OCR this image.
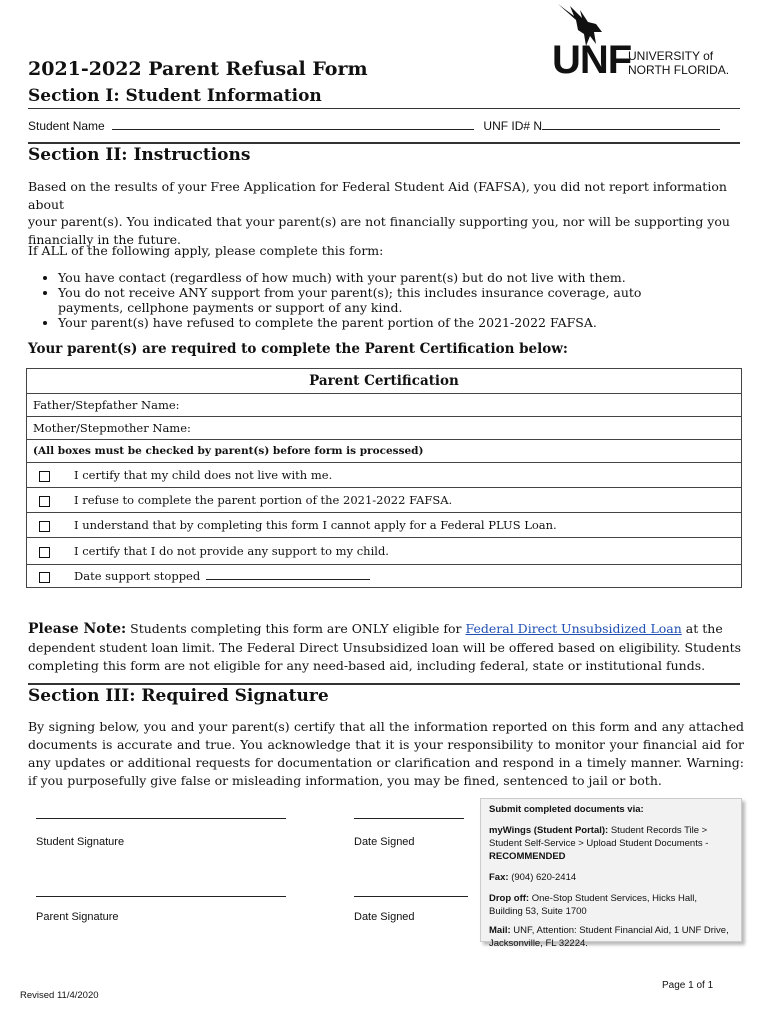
UNF
UNIVERSITY of
NORTH FLORIDA.
2021-2022 Parent Refusal Form
Section I: Student Information
Student Name	UNF ID# N
Section II: Instructions
Based on the results of your Free Application for Federal Student Aid (FAFSA), you did not report information about
your parent(s). You indicated that your parent(s) are not financially supporting you, nor will be supporting you
financially in the future.
If ALL of the following apply, please complete this form:
• You have contact (regardless of how much) with your parent(s) but do not live with them.
• You do not receive ANY support from your parent(s); this includes insurance coverage, auto payments, cellphone payments or support of any kind.
• Your parent(s) have refused to complete the parent portion of the 2021-2022 FAFSA.
Your parent(s) are required to complete the Parent Certification below:
Parent Certification
Father/Stepfather Name:
Mother/Stepmother Name:
(All boxes must be checked by parent(s) before form is processed)
I certify that my child does not live with me.
I refuse to complete the parent portion of the 2021-2022 FAFSA.
I understand that by completing this form I cannot apply for a Federal PLUS Loan.
I certify that I do not provide any support to my child.
Date support stopped
Please Note: Students completing this form are ONLY eligible for Federal Direct Unsubsidized Loan at the
dependent student loan limit. The Federal Direct Unsubsidized loan will be offered based on eligibility. Students
completing this form are not eligible for any need-based aid, including federal, state or institutional funds.
Section III: Required Signature
By signing below, you and your parent(s) certify that all the information reported on this form and any attached documents is accurate and true. You acknowledge that it is your responsibility to monitor your financial aid for any updates or additional requests for documentation or clarification and respond in a timely manner. Warning: if you purposefully give false or misleading information, you may be fined, sentenced to jail or both.
Student Signature	Date Signed
Parent Signature	Date Signed
Submit completed documents via:
myWings (Student Portal): Student Records Tile > Student Self-Service > Upload Student Documents - RECOMMENDED
Fax: (904) 620-2414
Drop off: One-Stop Student Services, Hicks Hall, Building 53, Suite 1700
Mail: UNF, Attention: Student Financial Aid, 1 UNF Drive, Jacksonville, FL 32224.
Page 1 of 1
Revised 11/4/2020
